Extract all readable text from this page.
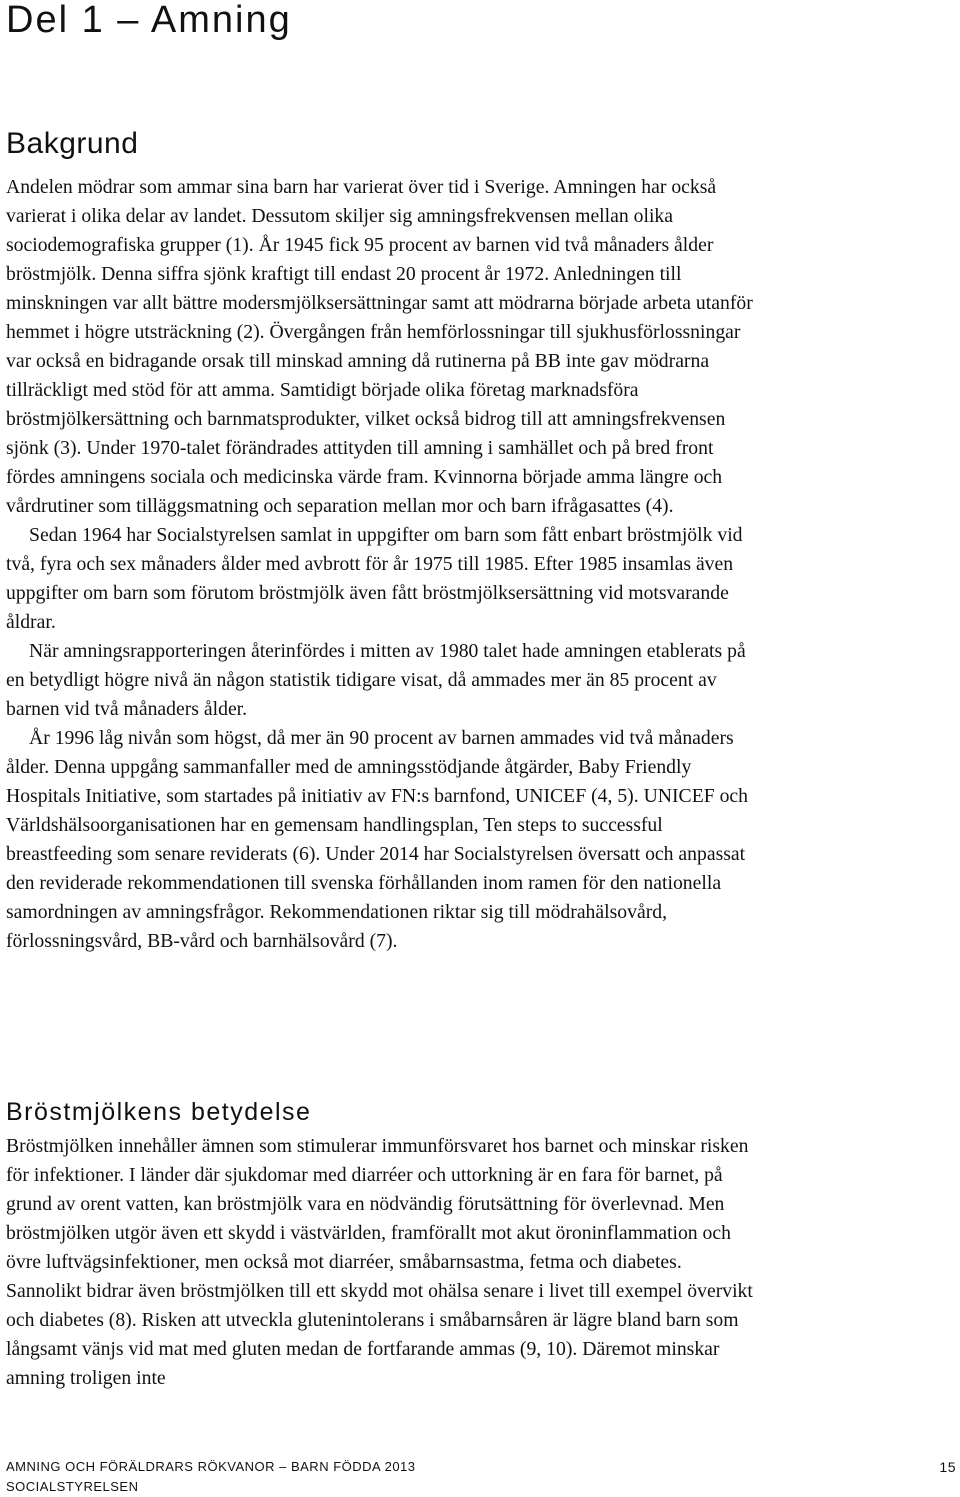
Del 1 – Amning
Bakgrund

Andelen mödrar som ammar sina barn har varierat över tid i Sverige. Amningen har också varierat i olika delar av landet. Dessutom skiljer sig amningsfrekvensen mellan olika sociodemografiska grupper (1). År 1945 fick 95 procent av barnen vid två månaders ålder bröstmjölk. Denna siffra sjönk kraftigt till endast 20 procent år 1972. Anledningen till minskningen var allt bättre modersmjölksersättningar samt att mödrarna började arbeta utanför hemmet i högre utsträckning (2). Övergången från hemförlossningar till sjukhusförlossningar var också en bidragande orsak till minskad amning då rutinerna på BB inte gav mödrarna tillräckligt med stöd för att amma. Samtidigt började olika företag marknadsföra bröstmjölkersättning och barnmatsprodukter, vilket också bidrog till att amningsfrekvensen sjönk (3). Under 1970-talet förändrades attityden till amning i samhället och på bred front fördes amningens sociala och medicinska värde fram. Kvinnorna började amma längre och vårdrutiner som tilläggsmatning och separation mellan mor och barn ifrågasattes (4).

Sedan 1964 har Socialstyrelsen samlat in uppgifter om barn som fått enbart bröstmjölk vid två, fyra och sex månaders ålder med avbrott för år 1975 till 1985. Efter 1985 insamlas även uppgifter om barn som förutom bröstmjölk även fått bröstmjölksersättning vid motsvarande åldrar.

När amningsrapporteringen återinfördes i mitten av 1980 talet hade amningen etablerats på en betydligt högre nivå än någon statistik tidigare visat, då ammades mer än 85 procent av barnen vid två månaders ålder.

År 1996 låg nivån som högst, då mer än 90 procent av barnen ammades vid två månaders ålder. Denna uppgång sammanfaller med de amningsstödjande åtgärder, Baby Friendly Hospitals Initiative, som startades på initiativ av FN:s barnfond, UNICEF (4, 5). UNICEF och Världshälsoorganisationen har en gemensam handlingsplan, Ten steps to successful breastfeeding som senare reviderats (6). Under 2014 har Socialstyrelsen översatt och anpassat den reviderade rekommendationen till svenska förhållanden inom ramen för den nationella samordningen av amningsfrågor. Rekommendationen riktar sig till mödrahälsovård, förlossningsvård, BB-vård och barnhälsovård (7).

Bröstmjölkens betydelse

Bröstmjölken innehåller ämnen som stimulerar immunförsvaret hos barnet och minskar risken för infektioner. I länder där sjukdomar med diarréer och uttorkning är en fara för barnet, på grund av orent vatten, kan bröstmjölk vara en nödvändig förutsättning för överlevnad. Men bröstmjölken utgör även ett skydd i västvärlden, framförallt mot akut öroninflammation och övre luftvägsinfektioner, men också mot diarréer, småbarnsastma, fetma och diabetes. Sannolikt bidrar även bröstmjölken till ett skydd mot ohälsa senare i livet till exempel övervikt och diabetes (8). Risken att utveckla glutenintolerans i småbarnsåren är lägre bland barn som långsamt vänjs vid mat med gluten medan de fortfarande ammas (9, 10). Däremot minskar amning troligen inte

AMNING OCH FÖRÄLDRARS RÖKVANOR – BARN FÖDDA 2013
SOCIALSTYRELSEN
15
